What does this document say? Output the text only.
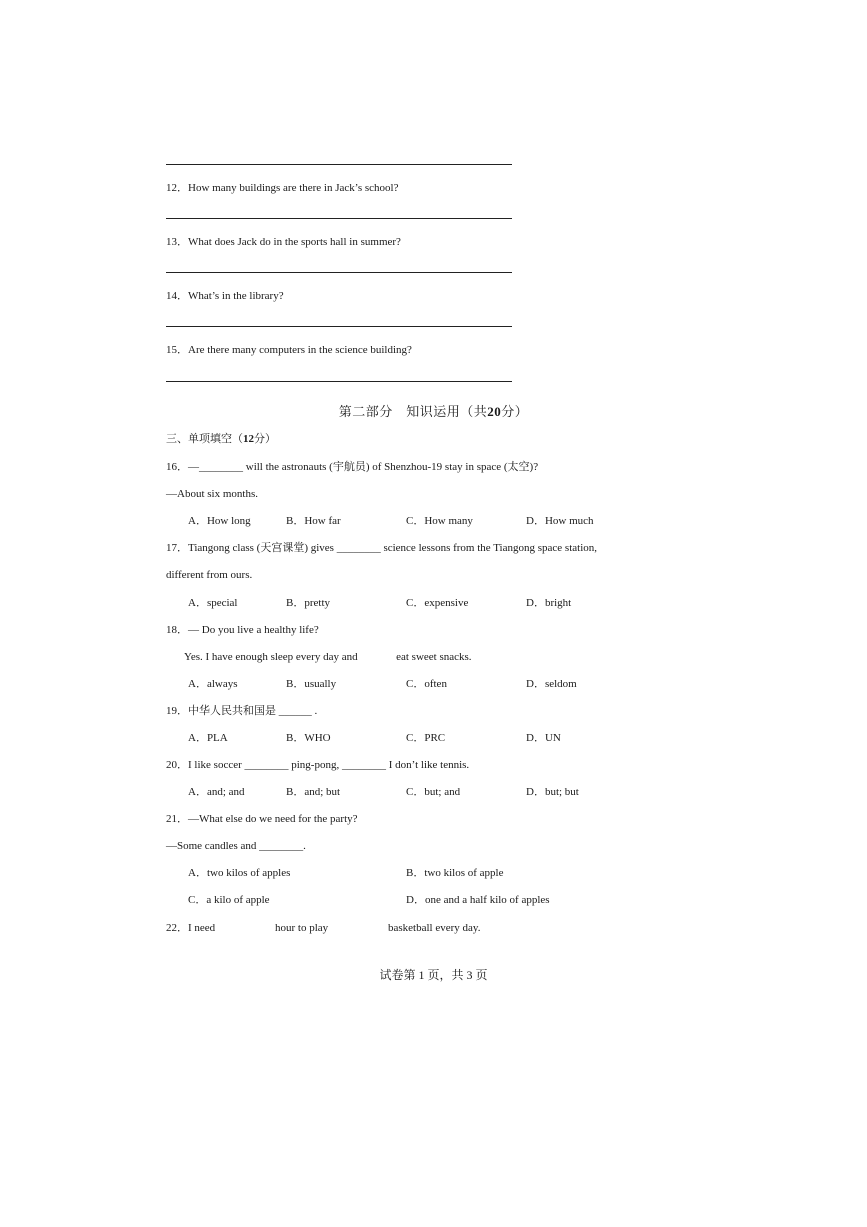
12．How many buildings are there in Jack’s school?
13．What does Jack do in the sports hall in summer?
14．What’s in the library?
15．Are there many computers in the science building?
第二部分　知识运用（共20分）
三、单项填空（12分）
16．—________ will the astronauts (宇航员) of Shenzhou-19 stay in space (太空)?
—About six months.
A．How long	B．How far	C．How many	D．How much
17．Tiangong class (天宫课堂) gives ________ science lessons from the Tiangong space station,
different from ours.
A．special	B．pretty	C．expensive	D．bright
18．— Do you live a healthy life?
Yes. I have enough sleep every day and              eat sweet snacks.
A．always	B．usually	C．often	D．seldom
19．中华人民共和国是 ______ .
A．PLA	B．WHO	C．PRC	D．UN
20．I like soccer ________ ping-pong, ________ I don’t like tennis.
A．and; and	B．and; but	C．but; and	D．but; but
21．—What else do we need for the party?
—Some candles and ________.
A．two kilos of apples	B．two kilos of apple
C．a kilo of apple	D．one and a half kilo of apples
22．I need	hour to play	basketball every day.
试卷第 1 页，共 3 页
